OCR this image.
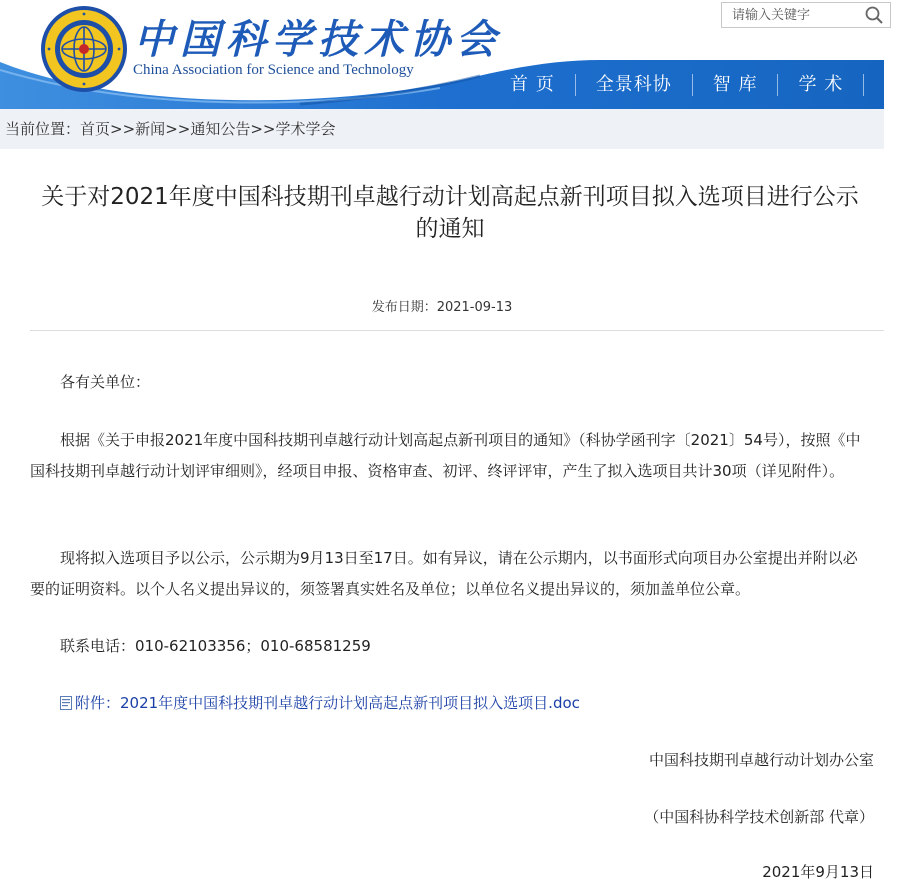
中国科学技术协会
China Association for Science and Technology
请输入关键字
首 页	全景科协	智 库	学 术	科
当前位置：首页>>新闻>>通知公告>>学术学会
关于对2021年度中国科技期刊卓越行动计划高起点新刊项目拟入选项目进行公示的通知
发布日期：2021-09-13
各有关单位：
根据《关于申报2021年度中国科技期刊卓越行动计划高起点新刊项目的通知》（科协学函刊字〔2021〕54号），按照《中国科技期刊卓越行动计划评审细则》，经项目申报、资格审查、初评、终评评审，产生了拟入选项目共计30项（详见附件）。
现将拟入选项目予以公示，公示期为9月13日至17日。如有异议，请在公示期内，以书面形式向项目办公室提出并附以必要的证明资料。以个人名义提出异议的，须签署真实姓名及单位；以单位名义提出异议的，须加盖单位公章。
联系电话：010-62103356；010-68581259
附件：2021年度中国科技期刊卓越行动计划高起点新刊项目拟入选项目.doc
中国科技期刊卓越行动计划办公室
（中国科协科学技术创新部 代章）
2021年9月13日
